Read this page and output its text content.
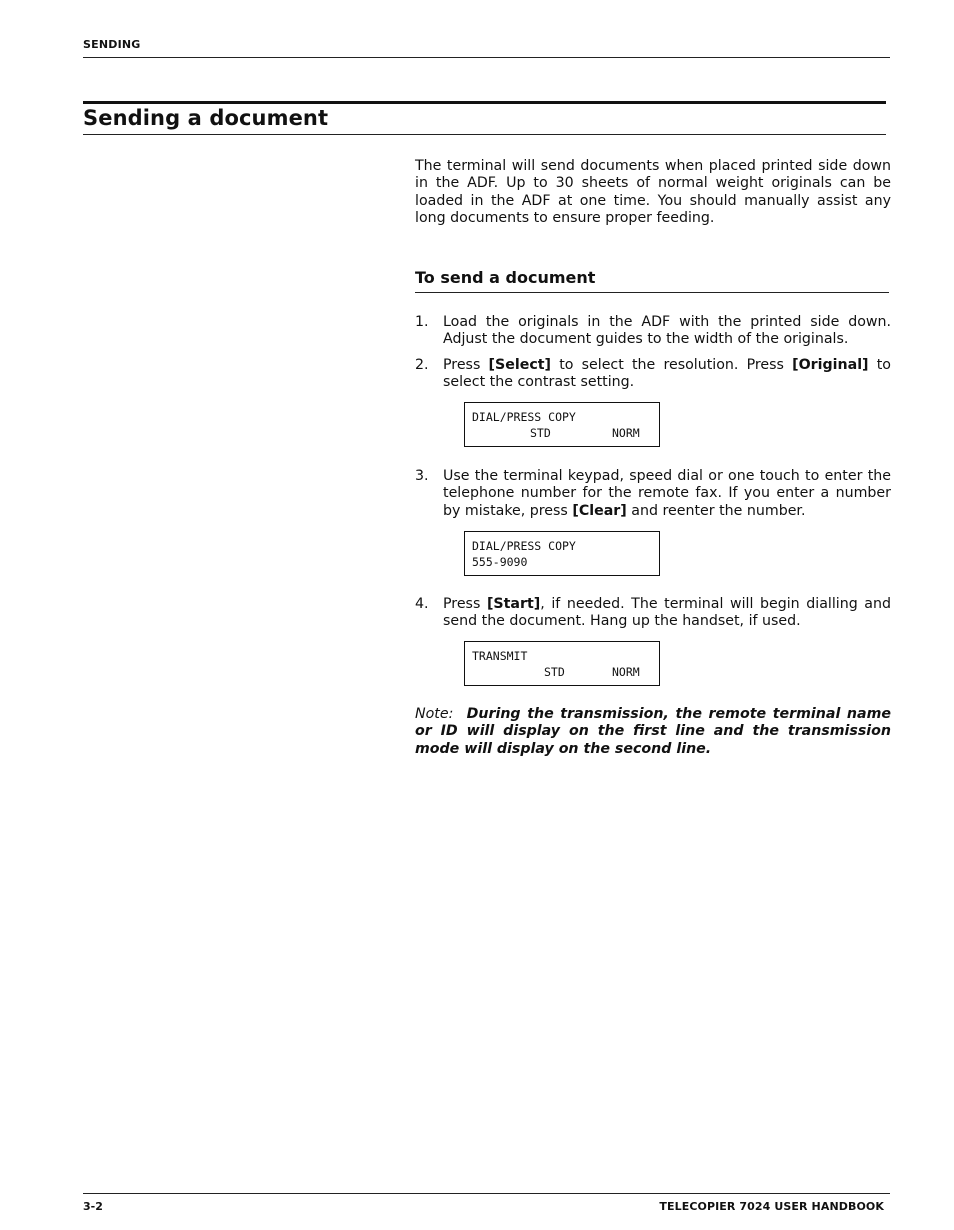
SENDING
Sending a document
The terminal will send documents when placed printed side down in the ADF. Up to 30 sheets of normal weight originals can be loaded in the ADF at one time. You should manually assist any long documents to ensure proper feeding.
To send a document
1.	Load the originals in the ADF with the printed side down. Adjust the document guides to the width of the originals.
2.	Press [Select] to select the resolution. Press [Original] to select the contrast setting.
DIAL/PRESS COPY
STD	NORM
3.	Use the terminal keypad, speed dial or one touch to enter the telephone number for the remote fax. If you enter a number by mistake, press [Clear] and reenter the number.
DIAL/PRESS COPY
555-9090
4.	Press [Start], if needed. The terminal will begin dialling and send the document. Hang up the handset, if used.
TRANSMIT
STD	NORM
Note: During the transmission, the remote terminal name or ID will display on the first line and the transmission mode will display on the second line.
3-2	TELECOPIER 7024 USER HANDBOOK
